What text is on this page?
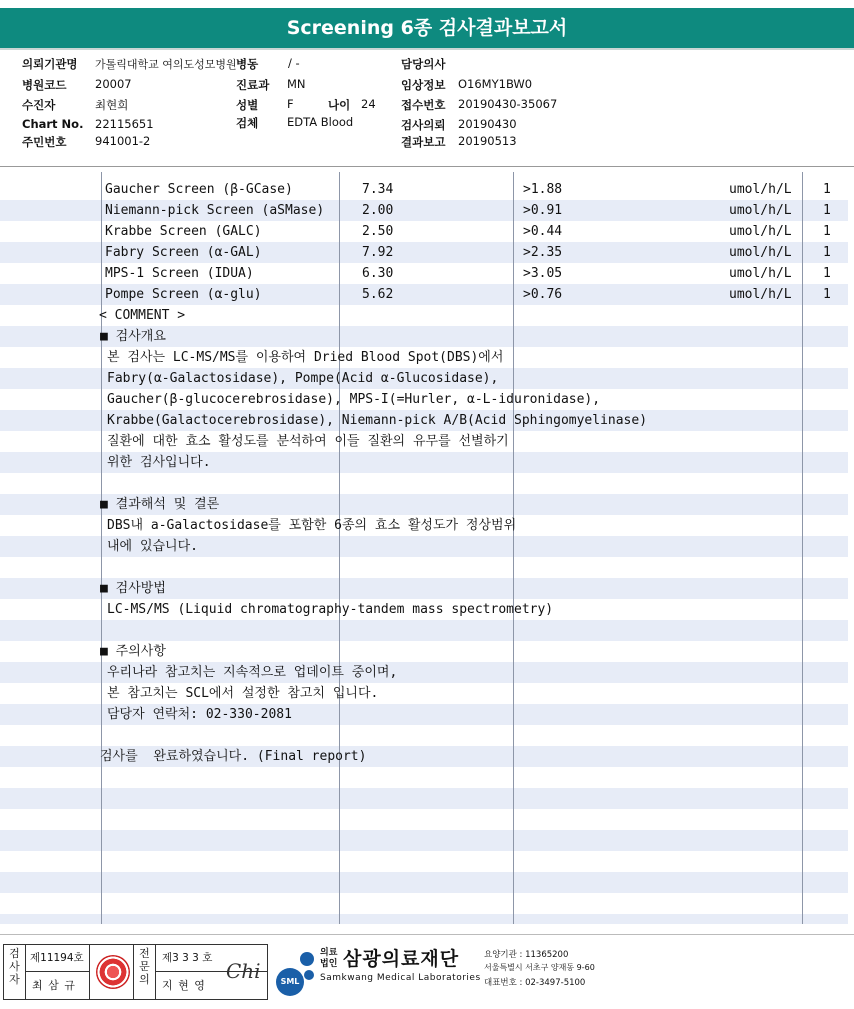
Screening 6종 검사결과보고서
의뢰기관명 가톨릭대학교 여의도성모병원 병동	/ -	담당의사
병원코드 20007	진료과 MN	임상정보 O16MY1BW0
수진자	최현희	성별	F	나이 24 접수번호 20190430-35067
Chart No. 22115651	검체	EDTA Blood	검사의뢰 20190430
주민번호 941001-2	결과보고 20190513
Gaucher Screen (β-GCase)	7.34	>1.88	umol/h/L 1
Niemann-pick Screen (aSMase)	2.00	>0.91	umol/h/L 1
Krabbe Screen (GALC)	2.50	>0.44	umol/h/L 1
Fabry Screen (α-GAL)	7.92	>2.35	umol/h/L 1
MPS-1 Screen (IDUA)	6.30	>3.05	umol/h/L 1
Pompe Screen (α-glu)	5.62	>0.76	umol/h/L 1
< COMMENT >
■ 검사개요
본 검사는 LC-MS/MS를 이용하여 Dried Blood Spot(DBS)에서
Fabry(α-Galactosidase), Pompe(Acid α-Glucosidase),
Gaucher(β-glucocerebrosidase), MPS-I(=Hurler, α-L-iduronidase),
Krabbe(Galactocerebrosidase), Niemann-pick A/B(Acid Sphingomyelinase)
질환에 대한 효소 활성도를 분석하여 이들 질환의 유무를 선별하기
위한 검사입니다.
■ 결과해석 및 결론
DBS내 a-Galactosidase를 포함한 6종의 효소 활성도가 정상범위
내에 있습니다.
■ 검사방법
LC-MS/MS (Liquid chromatography-tandem mass spectrometry)
■ 주의사항
우리나라 참고치는 지속적으로 업데이트 중이며,
본 참고치는 SCL에서 설정한 참고치 입니다.
담당자 연락처: 02-330-2081
검사를  완료하였습니다. (Final report)
검
사
자
제11194호
최 삼 규
전
문
의
제3 3 3 호
지 현 영
Chi	SML
의료법인 삼광의료재단
Samkwang Medical Laboratories
요양기관 : 11365200
서울특별시 서초구 양재동 9-60
대표번호 : 02-3497-5100
